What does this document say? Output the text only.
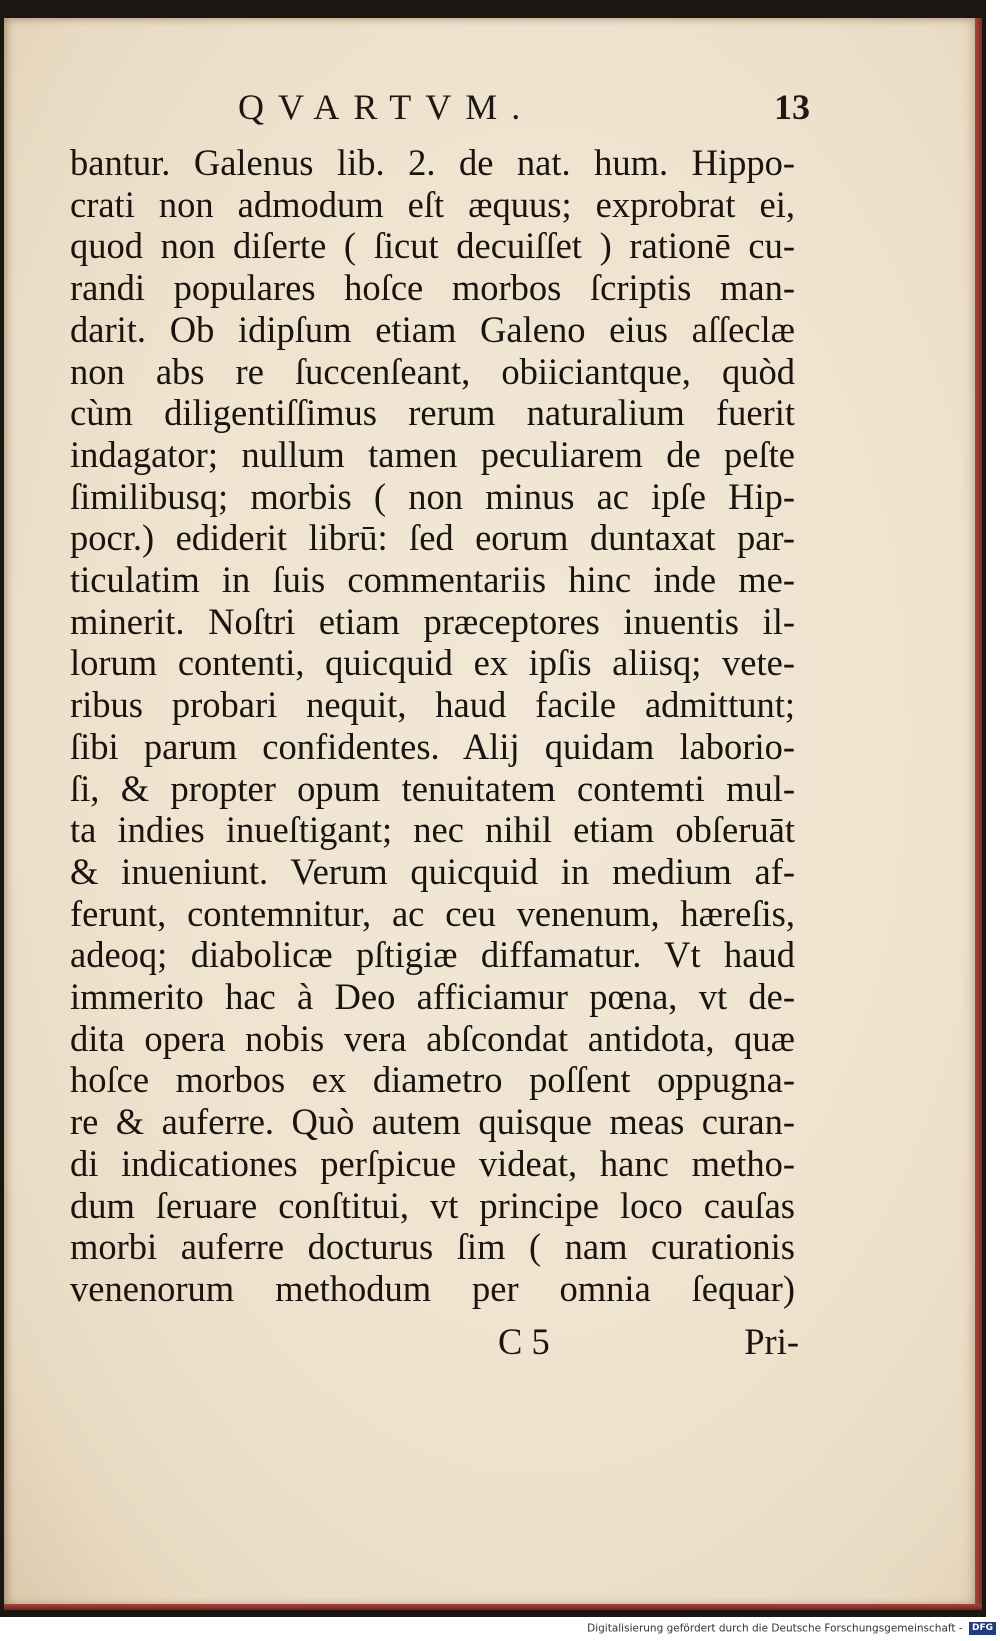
QVARTVM.	13
bantur. Galenus lib. 2. de nat. hum. Hippo-
crati non admodum eſt æquus; exprobrat ei,
quod non diſerte ( ſicut decuiſſet ) rationē cu-
randi populares hoſce morbos ſcriptis man-
darit. Ob idipſum etiam Galeno eius aſſeclæ
non abs re ſuccenſeant, obiiciantque, quòd
cùm diligentiſſimus rerum naturalium fuerit
indagator; nullum tamen peculiarem de peſte
ſimilibusq; morbis ( non minus ac ipſe Hip-
pocr.) ediderit librū: ſed eorum duntaxat par-
ticulatim in ſuis commentariis hinc inde me-
minerit. Noſtri etiam præceptores inuentis il-
lorum contenti, quicquid ex ipſis aliisq; vete-
ribus probari nequit, haud facile admittunt;
ſibi parum confidentes. Alij quidam laborio-
ſi, & propter opum tenuitatem contemti mul-
ta indies inueſtigant; nec nihil etiam obſeruāt
& inueniunt. Verum quicquid in medium af-
ferunt, contemnitur, ac ceu venenum, hæreſis,
adeoq; diabolicæ pſtigiæ diffamatur. Vt haud
immerito hac à Deo afficiamur pœna, vt de-
dita opera nobis vera abſcondat antidota, quæ
hoſce morbos ex diametro poſſent oppugna-
re & auferre. Quò autem quisque meas curan-
di indicationes perſpicue videat, hanc metho-
dum ſeruare conſtitui, vt principe loco cauſas
morbi auferre docturus ſim ( nam curationis
venenorum methodum per omnia ſequar)
C 5	Pri-
Digitalisierung gefördert durch die Deutsche Forschungsgemeinschaft - DFG
